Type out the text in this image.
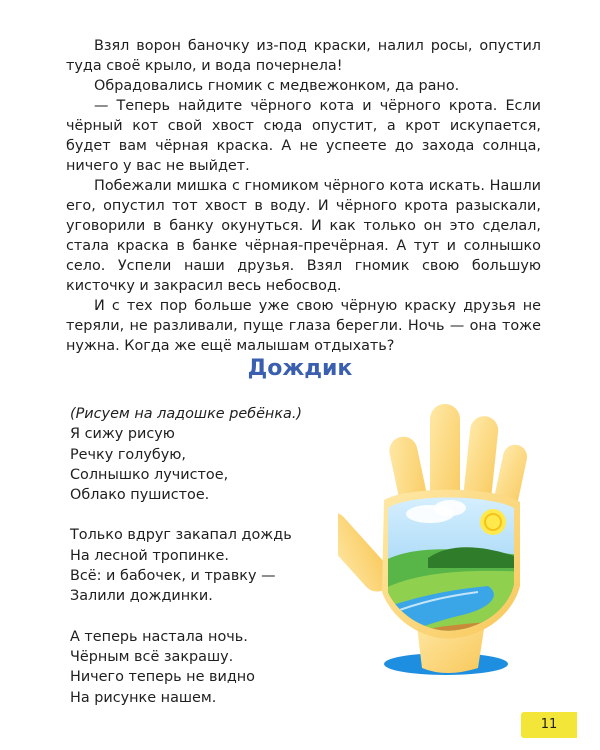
Взял ворон баночку из-под краски, налил росы, опустил туда своё крыло, и вода почернела!

Обрадовались гномик с медвежонком, да рано.

— Теперь найдите чёрного кота и чёрного крота. Если чёрный кот свой хвост сюда опустит, а крот искупается, будет вам чёрная краска. А не успеете до захода солнца, ничего у вас не выйдет.

Побежали мишка с гномиком чёрного кота искать. Нашли его, опустил тот хвост в воду. И чёрного крота разыскали, уговорили в банку окунуться. И как только он это сделал, стала краска в банке чёрная-пречёрная. А тут и солнышко село. Успели наши друзья. Взял гномик свою большую кисточку и закрасил весь небосвод.

И с тех пор больше уже свою чёрную краску друзья не теряли, не разливали, пуще глаза берегли. Ночь — она тоже нужна. Когда же ещё малышам отдыхать?

Дождик
(Рисуем на ладошке ребёнка.)
Я сижу рисую
Речку голубую,
Солнышко лучистое,
Облако пушистое.
Только вдруг закапал дождь
На лесной тропинке.
Всё: и бабочек, и травку —
Залили дождинки.
А теперь настала ночь.
Чёрным всё закрашу.
Ничего теперь не видно
На рисунке нашем.
11
